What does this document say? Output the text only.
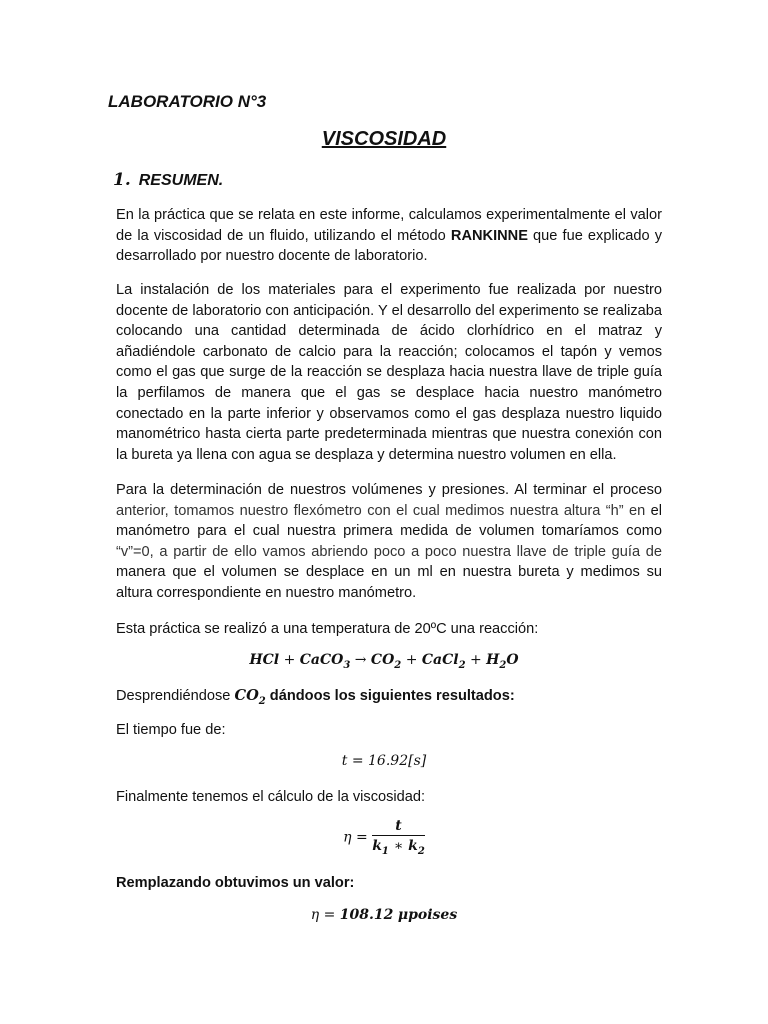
LABORATORIO N°3
VISCOSIDAD
1. RESUMEN.

En la práctica que se relata en este informe, calculamos experimentalmente el valor de la viscosidad de un fluido, utilizando el método RANKINNE que fue explicado y desarrollado por nuestro docente de laboratorio.

La instalación de los materiales para el experimento fue realizada por nuestro docente de laboratorio con anticipación. Y el desarrollo del experimento se realizaba colocando una cantidad determinada de ácido clorhídrico en el matraz y añadiéndole carbonato de calcio para la reacción; colocamos el tapón y vemos como el gas que surge de la reacción se desplaza hacia nuestra llave de triple guía la perfilamos de manera que el gas se desplace hacia nuestro manómetro conectado en la parte inferior y observamos como el gas desplaza nuestro liquido manométrico hasta cierta parte predeterminada mientras que nuestra conexión con la bureta ya llena con agua se desplaza y determina nuestro volumen en ella.

Para la determinación de nuestros volúmenes y presiones. Al terminar el proceso anterior, tomamos nuestro flexómetro con el cual medimos nuestra altura “h” en el manómetro para el cual nuestra primera medida de volumen tomaríamos como “v”=0, a partir de ello vamos abriendo poco a poco nuestra llave de triple guía de manera que el volumen se desplace en un ml en nuestra bureta y medimos su altura correspondiente en nuestro manómetro.

Esta práctica se realizó a una temperatura de 20ºC una reacción:

HCl + CaCO$_3$ → $CO_2$ + CaCl$_2$ + $H_2O$

Desprendiéndose $CO_2$ dándoos los siguientes resultados:

El tiempo fue de:

t = 16.92[s]

Finalmente tenemos el cálculo de la viscosidad:

$\eta = \frac{t}{k_1 ∗ k_2}$

Remplazando obtuvimos un valor:

η = 108.12 μpoises
